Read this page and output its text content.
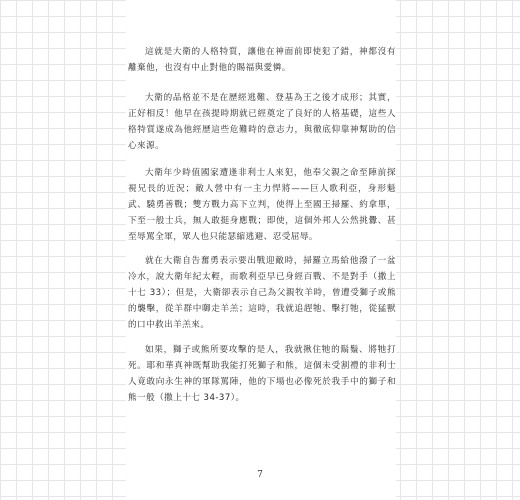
這就是大衛的人格特質，讓他在神面前即使犯了錯，神都沒有離棄他，也沒有中止對他的賜福與愛憐。

大衛的品格並不是在歷經逃難、登基為王之後才成形；其實，正好相反！他早在孩提時期就已經奠定了良好的人格基礎，這些人格特質遂成為他經歷這些危難時的意志力，與徹底仰靠神幫助的信心來源。

大衛年少時值國家遭逢非利士人來犯，他奉父親之命至陣前探視兄長的近況；敵人營中有一主力悍將——巨人歌利亞，身形魁武、驍勇善戰；雙方戰力高下立判，使得上至國王掃羅、約拿單，下至一般士兵，無人敢挺身應戰；即使，這個外邦人公然挑釁、甚至辱罵全軍，眾人也只能瑟縮逃避、忍受屈辱。

就在大衛自告奮勇表示要出戰迎敵時，掃羅立馬給他潑了一盆冷水，說大衛年紀太輕，而歌利亞早已身經百戰、不是對手（撒上十七 33）；但是，大衛卻表示自己為父親牧羊時，曾遭受獅子或熊的襲擊，從羊群中啣走羊羔；這時，我就追趕牠、擊打牠，從猛獸的口中救出羊羔來。

如果，獅子或熊所要攻擊的是人，我就揪住牠的鬍鬚、將牠打死。耶和華真神既幫助我能打死獅子和熊，這個未受割禮的非利士人竟敢向永生神的軍隊罵陣，他的下場也必像死於我手中的獅子和熊一般（撒上十七 34-37）。

7
